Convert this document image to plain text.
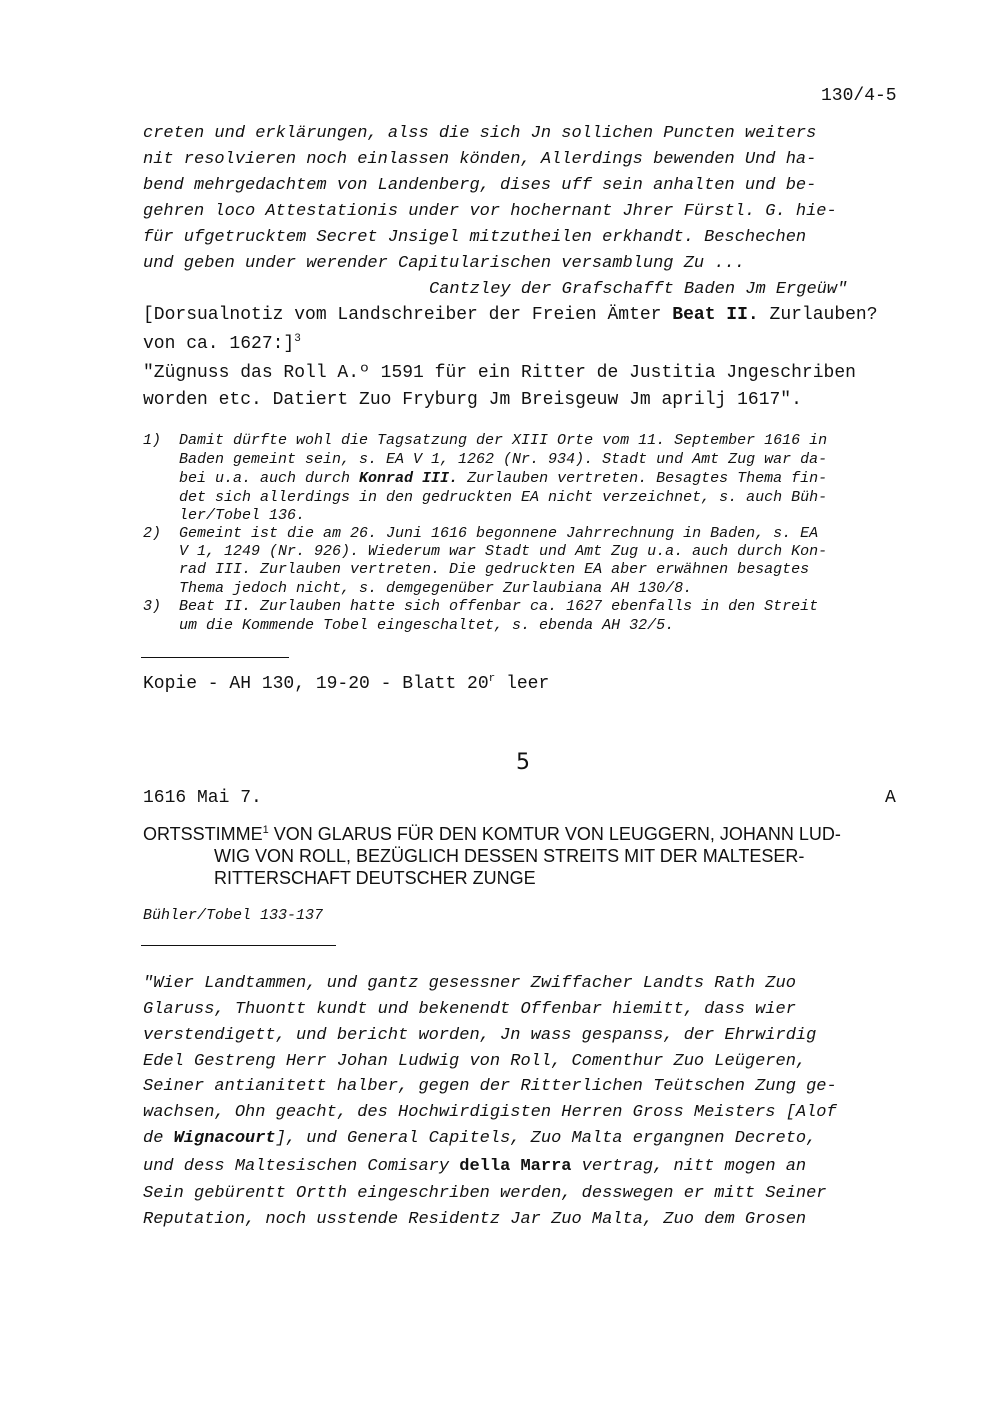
130/4-5
creten und erklärungen, alss die sich Jn sollichen Puncten weiters
nit resolvieren noch einlassen könden, Allerdings bewenden Und ha-
bend mehrgedachtem von Landenberg, dises uff sein anhalten und be-
gehren loco Attestationis under vor hochernant Jhrer Fürstl. G. hie-
für ufgetrucktem Secret Jnsigel mitzutheilen erkhandt. Beschechen
und geben under werender Capitularischen versamblung Zu ...
Cantzley der Grafschafft Baden Jm Ergeüw"
[Dorsualnotiz vom Landschreiber der Freien Ämter Beat II. Zurlauben?
von ca. 1627:]$^3$
"Zügnuss das Roll A.º 1591 für ein Ritter de Justitia Jngeschriben
worden etc. Datiert Zuo Fryburg Jm Breisgeuw Jm aprilj 1617".
1) Damit dürfte wohl die Tagsatzung der XIII Orte vom 11. September 1616 in
Baden gemeint sein, s. EA V 1, 1262 (Nr. 934). Stadt und Amt Zug war da-
bei u.a. auch durch Konrad III. Zurlauben vertreten. Besagtes Thema fin-
det sich allerdings in den gedruckten EA nicht verzeichnet, s. auch Büh-
ler/Tobel 136.
2) Gemeint ist die am 26. Juni 1616 begonnene Jahrrechnung in Baden, s. EA
V 1, 1249 (Nr. 926). Wiederum war Stadt und Amt Zug u.a. auch durch Kon-
rad III. Zurlauben vertreten. Die gedruckten EA aber erwähnen besagtes
Thema jedoch nicht, s. demgegenüber Zurlaubiana AH 130/8.
3) Beat II. Zurlauben hatte sich offenbar ca. 1627 ebenfalls in den Streit
um die Kommende Tobel eingeschaltet, s. ebenda AH 32/5.
Kopie - AH 130, 19-20 - Blatt 20$^r$ leer
5
1616 Mai 7.	A
ORTSSTIMME$^1$ VON GLARUS FÜR DEN KOMTUR VON LEUGGERN, JOHANN LUD-
WIG VON ROLL, BEZÜGLICH DESSEN STREITS MIT DER MALTESER-
RITTERSCHAFT DEUTSCHER ZUNGE
Bühler/Tobel 133-137
"Wier Landtammen, und gantz gesessner Zwiffacher Landts Rath Zuo
Glaruss, Thuontt kundt und bekenendt Offenbar hiemitt, dass wier
verstendigett, und bericht worden, Jn wass gespanss, der Ehrwirdig
Edel Gestreng Herr Johan Ludwig von Roll, Comenthur Zuo Leügeren,
Seiner antianitett halber, gegen der Ritterlichen Teütschen Zung ge-
wachsen, Ohn geacht, des Hochwirdigisten Herren Gross Meisters [Alof
de Wignacourt], und General Capitels, Zuo Malta ergangnen Decreto,
und dess Maltesischen Comisary della Marra vertrag, nitt mogen an
Sein gebürentt Ortth eingeschriben werden, desswegen er mitt Seiner
Reputation, noch usstende Residentz Jar Zuo Malta, Zuo dem Grosen
